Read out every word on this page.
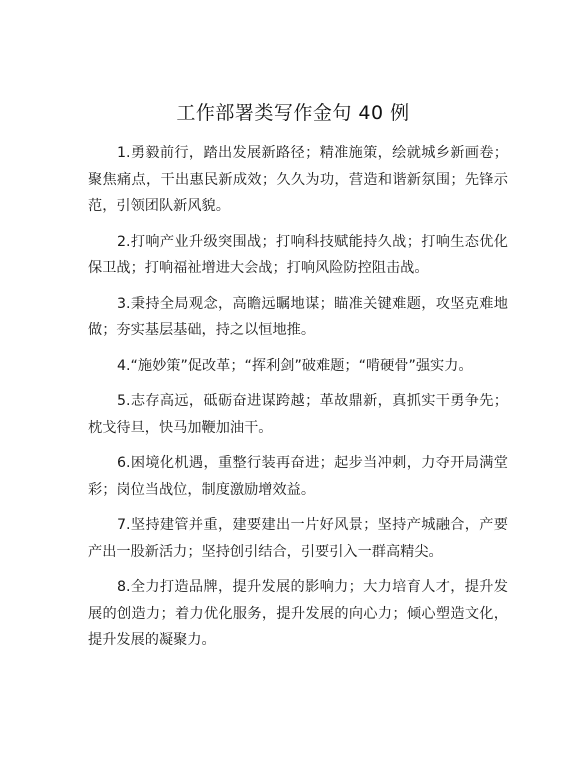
工作部署类写作金句 40 例

1.勇毅前行，踏出发展新路径；精准施策，绘就城乡新画卷；聚焦痛点，干出惠民新成效；久久为功，营造和谐新氛围；先锋示范，引领团队新风貌。

2.打响产业升级突围战；打响科技赋能持久战；打响生态优化保卫战；打响福祉增进大会战；打响风险防控阻击战。

3.秉持全局观念，高瞻远瞩地谋；瞄准关键难题，攻坚克难地做；夯实基层基础，持之以恒地推。

4.“施妙策”促改革；“挥利剑”破难题；“啃硬骨”强实力。

5.志存高远，砥砺奋进谋跨越；革故鼎新，真抓实干勇争先；枕戈待旦，快马加鞭加油干。

6.困境化机遇，重整行装再奋进；起步当冲刺，力夺开局满堂彩；岗位当战位，制度激励增效益。

7.坚持建管并重，建要建出一片好风景；坚持产城融合，产要产出一股新活力；坚持创引结合，引要引入一群高精尖。

8.全力打造品牌，提升发展的影响力；大力培育人才，提升发展的创造力；着力优化服务，提升发展的向心力；倾心塑造文化，提升发展的凝聚力。
